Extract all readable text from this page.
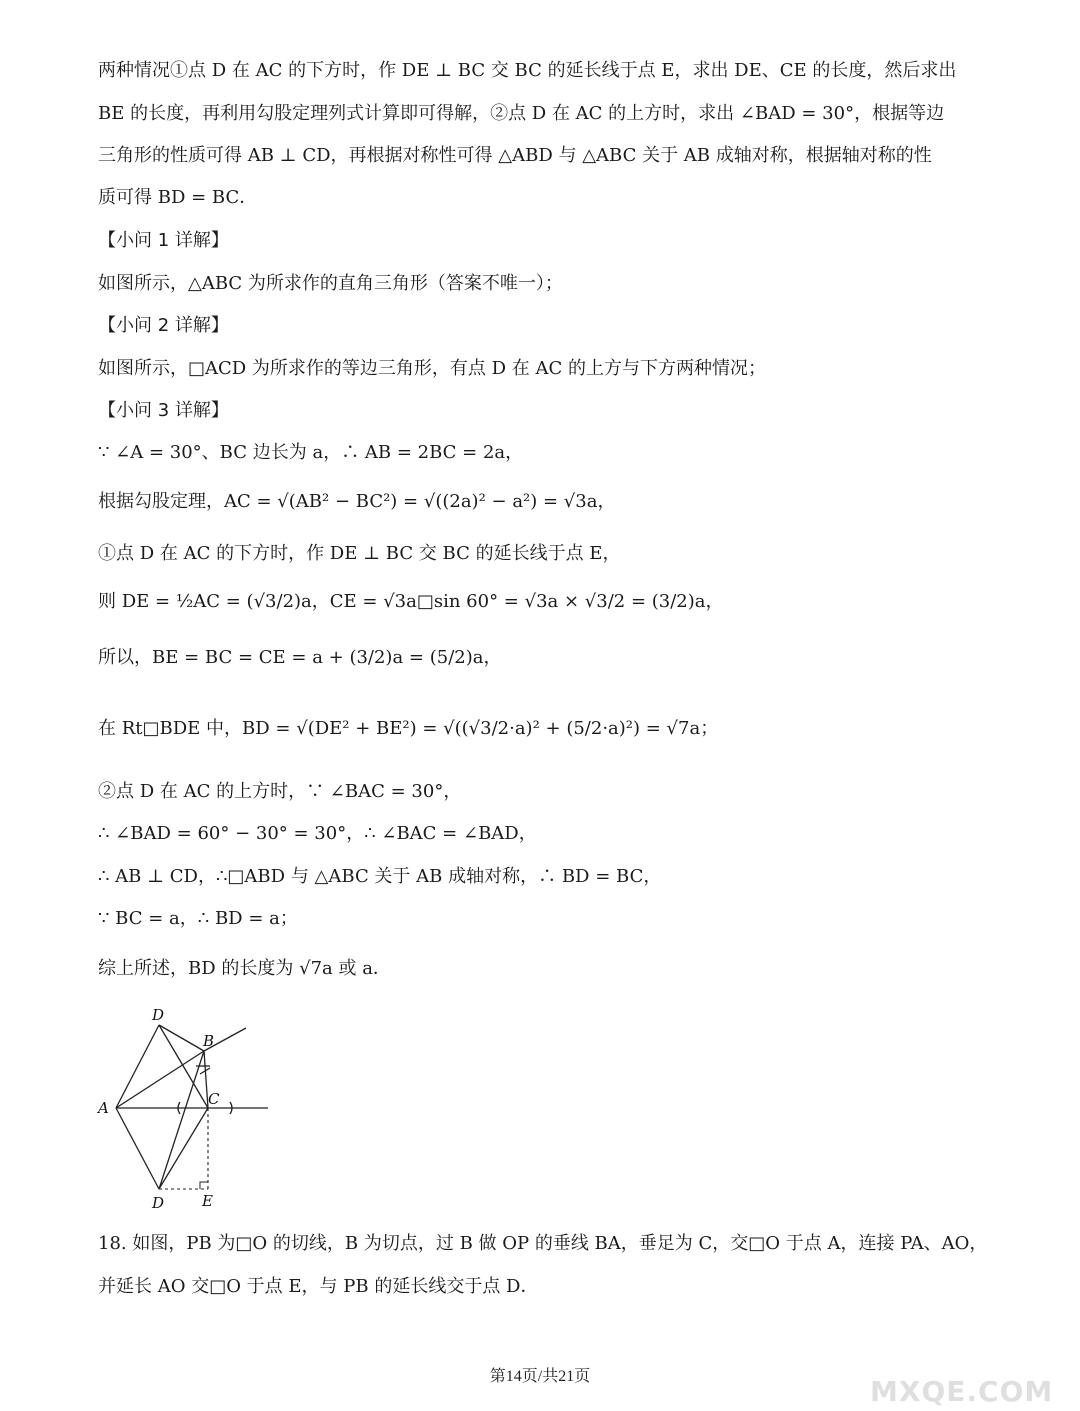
两种情况①点 D 在 AC 的下方时，作 DE ⊥ BC 交 BC 的延长线于点 E，求出 DE、CE 的长度，然后求出
BE 的长度，再利用勾股定理列式计算即可得解，②点 D 在 AC 的上方时，求出 ∠BAD = 30°，根据等边
三角形的性质可得 AB ⊥ CD，再根据对称性可得 △ABD 与 △ABC 关于 AB 成轴对称，根据轴对称的性
质可得 BD = BC．
【小问 1 详解】
如图所示，△ABC 为所求作的直角三角形（答案不唯一）；
【小问 2 详解】
如图所示，□ACD 为所求作的等边三角形，有点 D 在 AC 的上方与下方两种情况；
【小问 3 详解】
∵ ∠A = 30°、BC 边长为 a，∴ AB = 2BC = 2a，
根据勾股定理，AC = √(AB² − BC²) = √((2a)² − a²) = √3a，
①点 D 在 AC 的下方时，作 DE ⊥ BC 交 BC 的延长线于点 E，
则 DE = ½AC = (√3/2)a，CE = √3a□sin 60° = √3a × √3/2 = (3/2)a，
所以，BE = BC = CE = a + (3/2)a = (5/2)a，
在 Rt□BDE 中，BD = √(DE² + BE²) = √((√3/2·a)² + (5/2·a)²) = √7a；
②点 D 在 AC 的上方时，∵ ∠BAC = 30°，
∴ ∠BAD = 60° − 30° = 30°，∴ ∠BAC = ∠BAD，
∴ AB ⊥ CD，∴□ABD 与 △ABC 关于 AB 成轴对称，∴ BD = BC，
∵ BC = a，∴ BD = a；
综上所述，BD 的长度为 √7a 或 a．
D
B
A	C
D	E
18. 如图，PB 为□O 的切线，B 为切点，过 B 做 OP 的垂线 BA，垂足为 C，交□O 于点 A，连接 PA、AO，
并延长 AO 交□O 于点 E，与 PB 的延长线交于点 D．
MXQE.COM
第14页/共21页
